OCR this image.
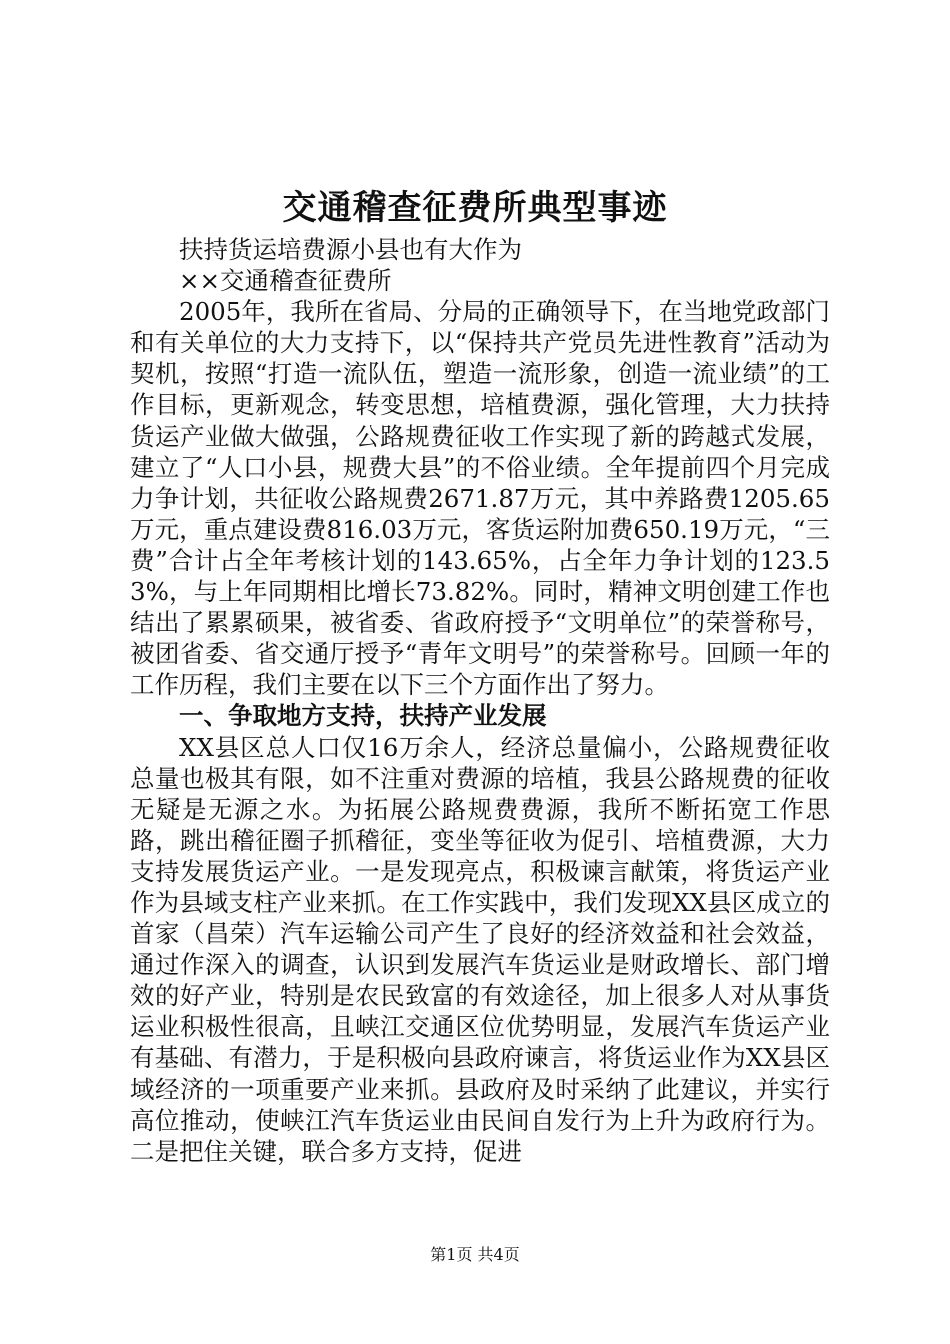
交通稽查征费所典型事迹

扶持货运培费源小县也有大作为

××交通稽查征费所

2005年，我所在省局、分局的正确领导下，在当地党政部门和有关单位的大力支持下，以“保持共产党员先进性教育”活动为契机，按照“打造一流队伍，塑造一流形象，创造一流业绩”的工作目标，更新观念，转变思想，培植费源，强化管理，大力扶持货运产业做大做强，公路规费征收工作实现了新的跨越式发展，建立了“人口小县，规费大县”的不俗业绩。全年提前四个月完成力争计划，共征收公路规费2671.87万元，其中养路费1205.65万元，重点建设费816.03万元，客货运附加费650.19万元，“三费”合计占全年考核计划的143.65%，占全年力争计划的123.53%，与上年同期相比增长73.82%。同时，精神文明创建工作也结出了累累硕果，被省委、省政府授予“文明单位”的荣誉称号，被团省委、省交通厅授予“青年文明号”的荣誉称号。回顾一年的工作历程，我们主要在以下三个方面作出了努力。

一、争取地方支持，扶持产业发展

XX县区总人口仅16万余人，经济总量偏小，公路规费征收总量也极其有限，如不注重对费源的培植，我县公路规费的征收无疑是无源之水。为拓展公路规费费源，我所不断拓宽工作思路，跳出稽征圈子抓稽征，变坐等征收为促引、培植费源，大力支持发展货运产业。一是发现亮点，积极谏言献策，将货运产业作为县域支柱产业来抓。在工作实践中，我们发现XX县区成立的首家（昌荣）汽车运输公司产生了良好的经济效益和社会效益，通过作深入的调查，认识到发展汽车货运业是财政增长、部门增效的好产业，特别是农民致富的有效途径，加上很多人对从事货运业积极性很高，且峡江交通区位优势明显，发展汽车货运产业有基础、有潜力，于是积极向县政府谏言，将货运业作为XX县区域经济的一项重要产业来抓。县政府及时采纳了此建议，并实行高位推动，使峡江汽车货运业由民间自发行为上升为政府行为。二是把住关键，联合多方支持，促进

第1页 共4页
